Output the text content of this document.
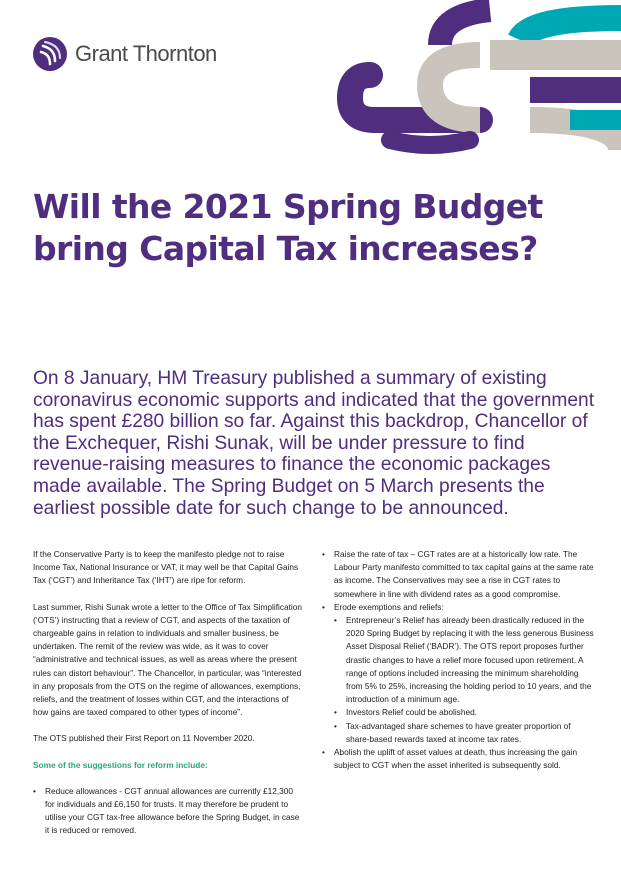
Grant Thornton
Will the 2021 Spring Budget bring Capital Tax increases?

On 8 January, HM Treasury published a summary of existing coronavirus economic supports and indicated that the government has spent £280 billion so far. Against this backdrop, Chancellor of the Exchequer, Rishi Sunak, will be under pressure to find revenue-raising measures to finance the economic packages made available. The Spring Budget on 5 March presents the earliest possible date for such change to be announced.

If the Conservative Party is to keep the manifesto pledge not to raise Income Tax, National Insurance or VAT, it may well be that Capital Gains Tax (‘CGT’) and Inheritance Tax (‘IHT’) are ripe for reform.

Last summer, Rishi Sunak wrote a letter to the Office of Tax Simplification (‘OTS’) instructing that a review of CGT, and aspects of the taxation of chargeable gains in relation to individuals and smaller business, be undertaken. The remit of the review was wide, as it was to cover “administrative and technical issues, as well as areas where the present rules can distort behaviour”. The Chancellor, in particular, was “interested in any proposals from the OTS on the regime of allowances, exemptions, reliefs, and the treatment of losses within CGT, and the interactions of how gains are taxed compared to other types of income”.

The OTS published their First Report on 11 November 2020.

Some of the suggestions for reform include:

• Reduce allowances - CGT annual allowances are currently £12,300 for individuals and £6,150 for trusts. It may therefore be prudent to utilise your CGT tax-free allowance before the Spring Budget, in case it is reduced or removed.
• Raise the rate of tax – CGT rates are at a historically low rate. The Labour Party manifesto committed to tax capital gains at the same rate as income. The Conservatives may see a rise in CGT rates to somewhere in line with dividend rates as a good compromise.
• Erode exemptions and reliefs:
• Entrepreneur’s Relief has already been drastically reduced in the 2020 Spring Budget by replacing it with the less generous Business Asset Disposal Relief (‘BADR’). The OTS report proposes further drastic changes to have a relief more focused upon retirement. A range of options included increasing the minimum shareholding from 5% to 25%, increasing the holding period to 10 years, and the introduction of a minimum age.
• Investors Relief could be abolished.
• Tax-advantaged share schemes to have greater proportion of share-based rewards taxed at income tax rates.
• Abolish the uplift of asset values at death, thus increasing the gain subject to CGT when the asset inherited is subsequently sold.
